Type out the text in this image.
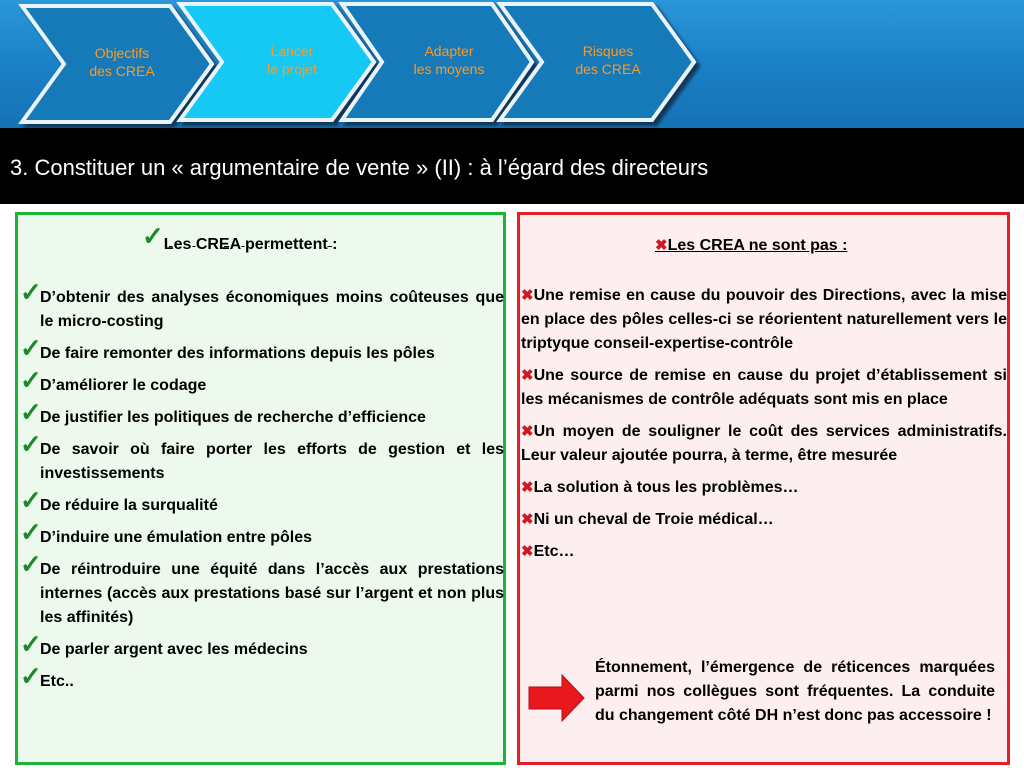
Objectifs
des CREA
Lancer
le projet
Adapter
les moyens
Risques
des CREA
3. Constituer un « argumentaire de vente » (II) : à l’égard des directeurs
✓Les CREA permettent :
✓
D’obtenir des analyses économiques moins coûteuses que le micro-costing
✓
De faire remonter des informations depuis les pôles
✓
D’améliorer le codage
✓
De justifier les politiques de recherche d’efficience
✓
De savoir où faire porter les efforts de gestion et les investissements
✓
De réduire la surqualité
✓
D’induire une émulation entre pôles
✓
De réintroduire une équité dans l’accès aux prestations internes (accès aux prestations basé sur l’argent et non plus les affinités)
✓
De parler argent avec les médecins
✓
Etc..
✖Les CREA ne sont pas :
✖Une remise en cause du pouvoir des Directions, avec la mise en place des pôles celles-ci se réorientent naturellement vers le triptyque conseil-expertise-contrôle
✖Une source de remise en cause du projet d’établissement si les mécanismes de contrôle adéquats sont mis en place
✖Un moyen de souligner le coût des services administratifs. Leur valeur ajoutée pourra, à terme, être mesurée
✖La solution à tous les problèmes…
✖Ni un cheval de Troie médical…
✖Etc…
Étonnement, l’émergence de réticences marquées parmi nos collègues sont fréquentes. La conduite du changement côté DH n’est donc pas accessoire !
